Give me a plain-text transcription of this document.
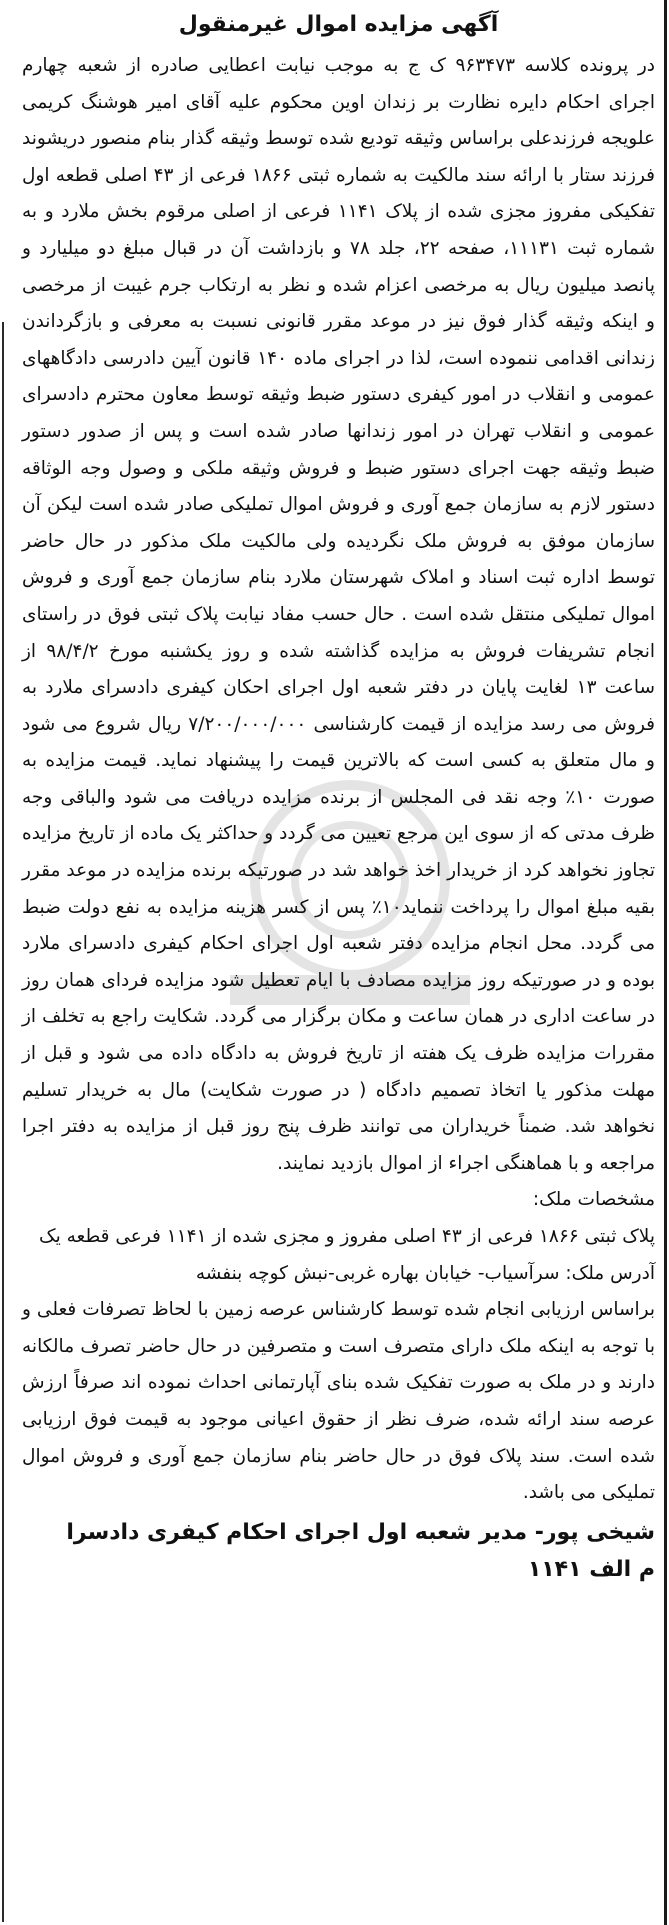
آگهی مزایده اموال غیرمنقول

در پرونده کلاسه ۹۶۳۴۷۳ ک ج به موجب نیابت اعطایی صادره از شعبه چهارم اجرای احکام دایره نظارت بر زندان اوین محکوم علیه آقای امیر هوشنگ کریمی علویجه فرزندعلی براساس وثیقه تودیع شده توسط وثیقه گذار بنام منصور دریشوند فرزند ستار با ارائه سند مالکیت به شماره ثبتی ۱۸۶۶ فرعی از ۴۳ اصلی قطعه اول تفکیکی مفروز مجزی شده از پلاک ۱۱۴۱ فرعی از اصلی مرقوم بخش ملارد و به شماره ثبت ۱۱۱۳۱، صفحه ۲۲، جلد ۷۸ و بازداشت آن در قبال مبلغ دو میلیارد و پانصد میلیون ریال به مرخصی اعزام شده و نظر به ارتکاب جرم غیبت از مرخصی و اینکه وثیقه گذار فوق نیز در موعد مقرر قانونی نسبت به معرفی و بازگرداندن زندانی اقدامی ننموده است، لذا در اجرای ماده ۱۴۰ قانون آیین دادرسی دادگاههای عمومی و انقلاب در امور کیفری دستور ضبط وثیقه توسط معاون محترم دادسرای عمومی و انقلاب تهران در امور زندانها صادر شده است و پس از صدور دستور ضبط وثیقه جهت اجرای دستور ضبط و فروش وثیقه ملکی و وصول وجه الوثاقه دستور لازم به سازمان جمع آوری و فروش اموال تملیکی صادر شده است لیکن آن سازمان موفق به فروش ملک نگردیده ولی مالکیت ملک مذکور در حال حاضر توسط اداره ثبت اسناد و املاک شهرستان ملارد بنام سازمان جمع آوری و فروش اموال تملیکی منتقل شده است . حال حسب مفاد نیابت پلاک ثبتی فوق در راستای انجام تشریفات فروش به مزایده گذاشته شده و روز یکشنبه مورخ ۹۸/۴/۲ از ساعت ۱۳ لغایت پایان در دفتر شعبه اول اجرای احکان کیفری دادسرای ملارد به فروش می رسد مزایده از قیمت کارشناسی ۷/۲۰۰/۰۰۰/۰۰۰ ریال شروع می شود و مال متعلق به کسی است که بالاترین قیمت را پیشنهاد نماید. قیمت مزایده به صورت ۱۰٪ وجه نقد فی المجلس از برنده مزایده دریافت می شود والباقی وجه ظرف مدتی که از سوی این مرجع تعیین می گردد و حداکثر یک ماده از تاریخ مزایده تجاوز نخواهد کرد از خریدار اخذ خواهد شد در صورتیکه برنده مزایده در موعد مقرر بقیه مبلغ اموال را پرداخت ننماید۱۰٪ پس از کسر هزینه مزایده به نفع دولت ضبط می گردد. محل انجام مزایده دفتر شعبه اول اجرای احکام کیفری دادسرای ملارد بوده و در صورتیکه روز مزایده مصادف با ایام تعطیل شود مزایده فردای همان روز در ساعت اداری در همان ساعت و مکان برگزار می گردد. شکایت راجع به تخلف از مقررات مزایده ظرف یک هفته از تاریخ فروش به دادگاه داده می شود و قبل از مهلت مذکور یا اتخاذ تصمیم دادگاه ( در صورت شکایت) مال به خریدار تسلیم نخواهد شد. ضمناً خریداران می توانند ظرف پنج روز قبل از مزایده به دفتر اجرا مراجعه و با هماهنگی اجراء از اموال بازدید نمایند.

مشخصات ملک:

پلاک ثبتی ۱۸۶۶ فرعی از ۴۳ اصلی مفروز و مجزی شده از ۱۱۴۱ فرعی قطعه یک

آدرس ملک: سرآسیاب- خیابان بهاره غربی-نبش کوچه بنفشه

براساس ارزیابی انجام شده توسط کارشناس عرصه زمین با لحاظ تصرفات فعلی و با توجه به اینکه ملک دارای متصرف است و متصرفین در حال حاضر تصرف مالکانه دارند و در ملک به صورت تفکیک شده بنای آپارتمانی احداث نموده اند صرفاً ارزش عرصه سند ارائه شده، ضرف نظر از حقوق اعیانی موجود به قیمت فوق ارزیابی شده است. سند پلاک فوق در حال حاضر بنام سازمان جمع آوری و فروش اموال تملیکی می باشد.

شیخی پور- مدیر شعبه اول اجرای احکام کیفری دادسرا

م الف ۱۱۴۱
